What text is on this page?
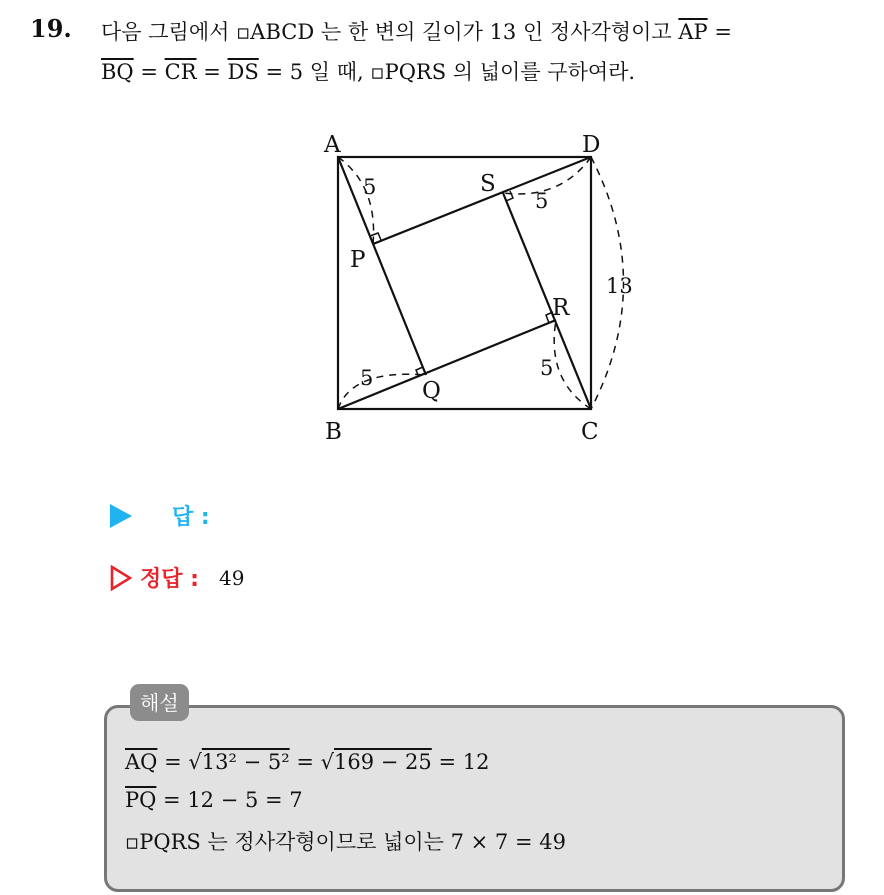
19. 다음 그림에서 ▫ABCD 는 한 변의 길이가 13 인 정사각형이고 $\overline{AP}$ =
$\overline{BQ} = \overline{CR} = \overline{DS} = 5$ 일 때, ▫PQRS 의 넓이를 구하여라.
A	D
B	C
P
Q
R
S
5
5
5	5
13
답 :
정답 : 49
해설
$\overline{AQ} = √13^2 - 5^2 = √169 - 25 = 12$
$\overline{PQ} = 12 - 5 = 7$
▫PQRS 는 정사각형이므로 넓이는 7 × 7 = 49
